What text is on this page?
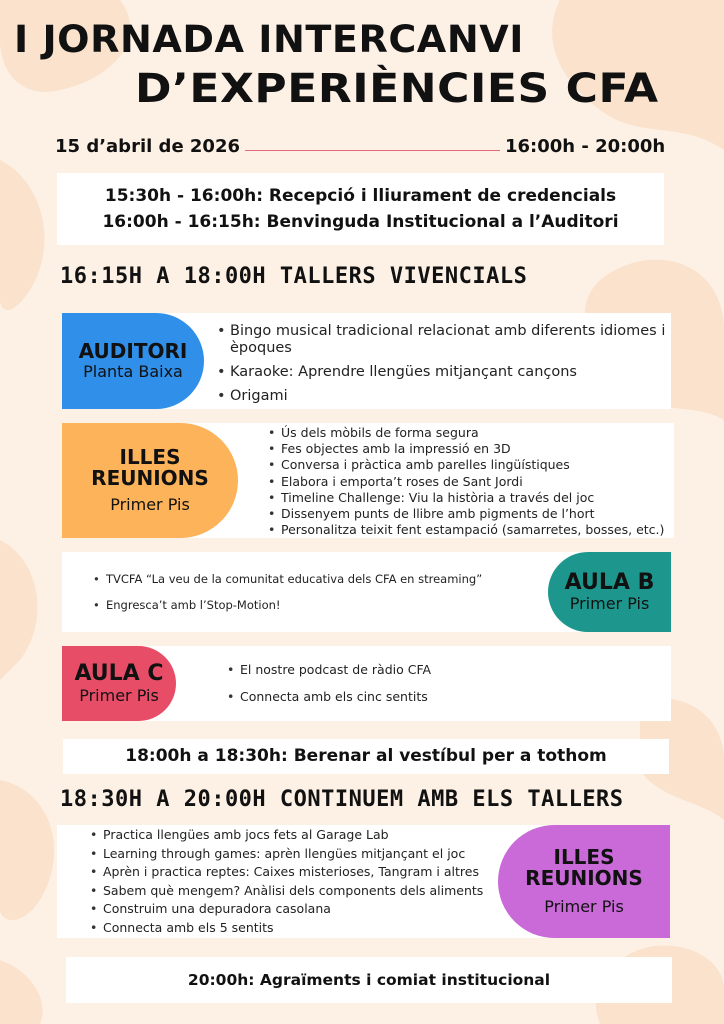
I JORNADA INTERCANVI
D’EXPERIÈNCIES CFA
15 d’abril de 2026	16:00h - 20:00h
15:30h - 16:00h: Recepció i lliurament de credencials
16:00h - 16:15h: Benvinguda Institucional a l’Auditori
16:15H A 18:00H TALLERS VIVENCIALS
AUDITORI
Planta Baixa
• Bingo musical tradicional relacionat amb diferents idiomes i èpoques
• Karaoke: Aprendre llengües mitjançant cançons
• Origami
ILLES REUNIONS
Primer Pis
• Ús dels mòbils de forma segura
• Fes objectes amb la impressió en 3D
• Conversa i pràctica amb parelles lingüístiques
• Elabora i emporta’t roses de Sant Jordi
• Timeline Challenge: Viu la història a través del joc
• Dissenyem punts de llibre amb pigments de l’hort
• Personalitza teixit fent estampació (samarretes, bosses, etc.)
AULA B
Primer Pis
• TVCFA “La veu de la comunitat educativa dels CFA en streaming”
• Engresca’t amb l’Stop-Motion!
AULA C
Primer Pis
• El nostre podcast de ràdio CFA
• Connecta amb els cinc sentits
18:00h a 18:30h: Berenar al vestíbul per a tothom
18:30H A 20:00H CONTINUEM AMB ELS TALLERS
ILLES REUNIONS
Primer Pis
• Practica llengües amb jocs fets al Garage Lab
• Learning through games: aprèn llengües mitjançant el joc
• Aprèn i practica reptes: Caixes misterioses, Tangram i altres
• Sabem què mengem? Anàlisi dels components dels aliments
• Construim una depuradora casolana
• Connecta amb els 5 sentits
20:00h: Agraïments i comiat institucional
